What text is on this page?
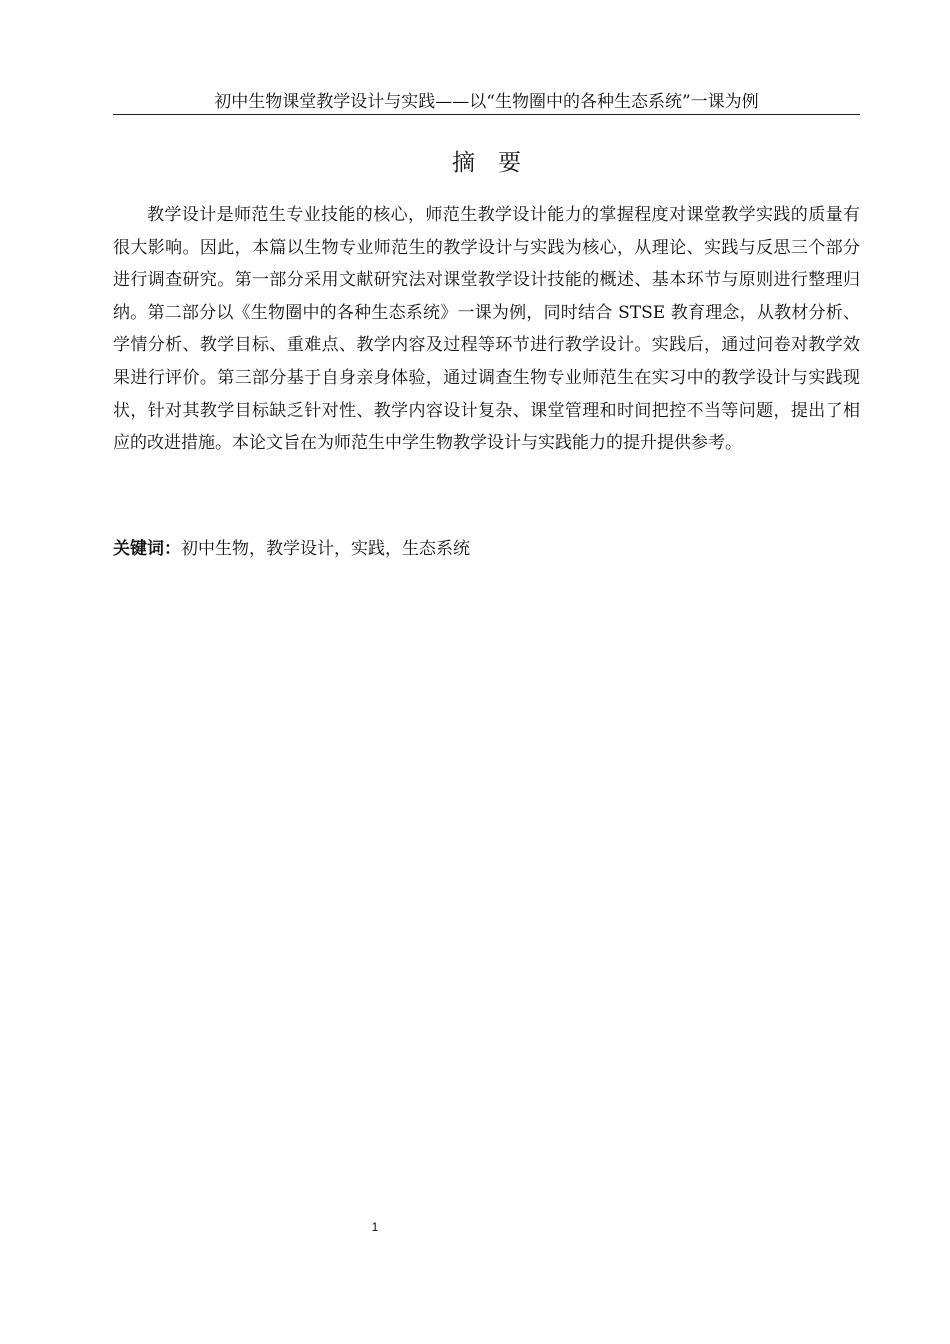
初中生物课堂教学设计与实践——以“生物圈中的各种生态系统”一课为例
摘　要

教学设计是师范生专业技能的核心，师范生教学设计能力的掌握程度对课堂教学实践的质量有很大影响。因此，本篇以生物专业师范生的教学设计与实践为核心，从理论、实践与反思三个部分进行调查研究。第一部分采用文献研究法对课堂教学设计技能的概述、基本环节与原则进行整理归纳。第二部分以《生物圈中的各种生态系统》一课为例，同时结合 STSE 教育理念，从教材分析、学情分析、教学目标、重难点、教学内容及过程等环节进行教学设计。实践后，通过问卷对教学效果进行评价。第三部分基于自身亲身体验，通过调查生物专业师范生在实习中的教学设计与实践现状，针对其教学目标缺乏针对性、教学内容设计复杂、课堂管理和时间把控不当等问题，提出了相应的改进措施。本论文旨在为师范生中学生物教学设计与实践能力的提升提供参考。

关键词：初中生物，教学设计，实践，生态系统
1
